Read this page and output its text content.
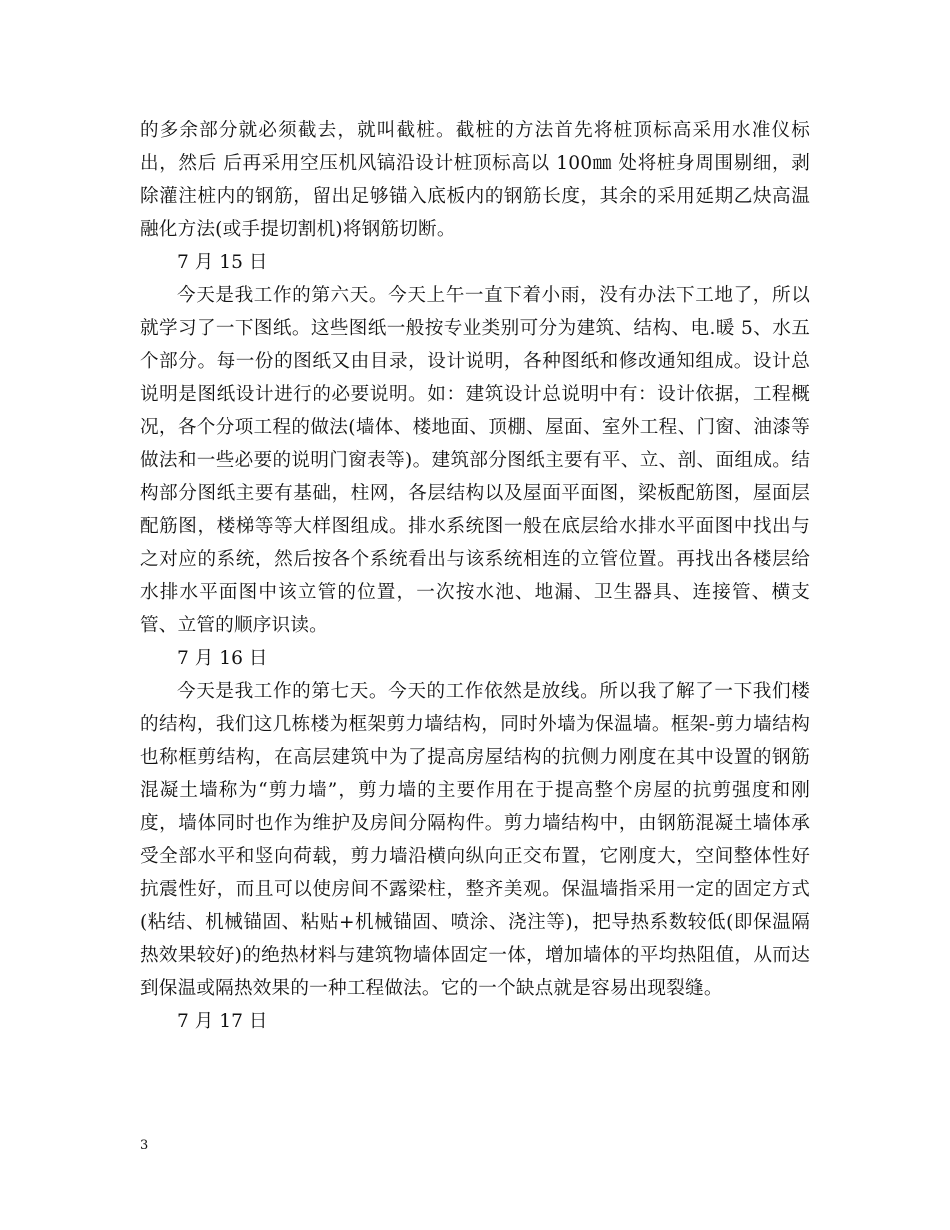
的多余部分就必须截去，就叫截桩。截桩的方法首先将桩顶标高采用水准仪标出，然后 后再采用空压机风镐沿设计桩顶标高以 100㎜ 处将桩身周围剔细，剥除灌注桩内的钢筋，留出足够锚入底板内的钢筋长度，其余的采用延期乙炔高温融化方法(或手提切割机)将钢筋切断。

7 月 15 日

今天是我工作的第六天。今天上午一直下着小雨，没有办法下工地了，所以就学习了一下图纸。这些图纸一般按专业类别可分为建筑、结构、电.暖 5、水五个部分。每一份的图纸又由目录，设计说明，各种图纸和修改通知组成。设计总说明是图纸设计进行的必要说明。如：建筑设计总说明中有：设计依据，工程概况，各个分项工程的做法(墙体、楼地面、顶棚、屋面、室外工程、门窗、油漆等做法和一些必要的说明门窗表等)。建筑部分图纸主要有平、立、剖、面组成。结构部分图纸主要有基础，柱网，各层结构以及屋面平面图，梁板配筋图，屋面层配筋图，楼梯等等大样图组成。排水系统图一般在底层给水排水平面图中找出与之对应的系统，然后按各个系统看出与该系统相连的立管位置。再找出各楼层给水排水平面图中该立管的位置，一次按水池、地漏、卫生器具、连接管、横支管、立管的顺序识读。

7 月 16 日

今天是我工作的第七天。今天的工作依然是放线。所以我了解了一下我们楼的结构，我们这几栋楼为框架剪力墙结构，同时外墙为保温墙。框架-剪力墙结构也称框剪结构，在高层建筑中为了提高房屋结构的抗侧力刚度在其中设置的钢筋混凝土墙称为“剪力墙”，剪力墙的主要作用在于提高整个房屋的抗剪强度和刚度，墙体同时也作为维护及房间分隔构件。剪力墙结构中，由钢筋混凝土墙体承受全部水平和竖向荷载，剪力墙沿横向纵向正交布置，它刚度大，空间整体性好抗震性好，而且可以使房间不露梁柱，整齐美观。保温墙指采用一定的固定方式(粘结、机械锚固、粘贴+机械锚固、喷涂、浇注等)，把导热系数较低(即保温隔热效果较好)的绝热材料与建筑物墙体固定一体，增加墙体的平均热阻值，从而达到保温或隔热效果的一种工程做法。它的一个缺点就是容易出现裂缝。

7 月 17 日

3
